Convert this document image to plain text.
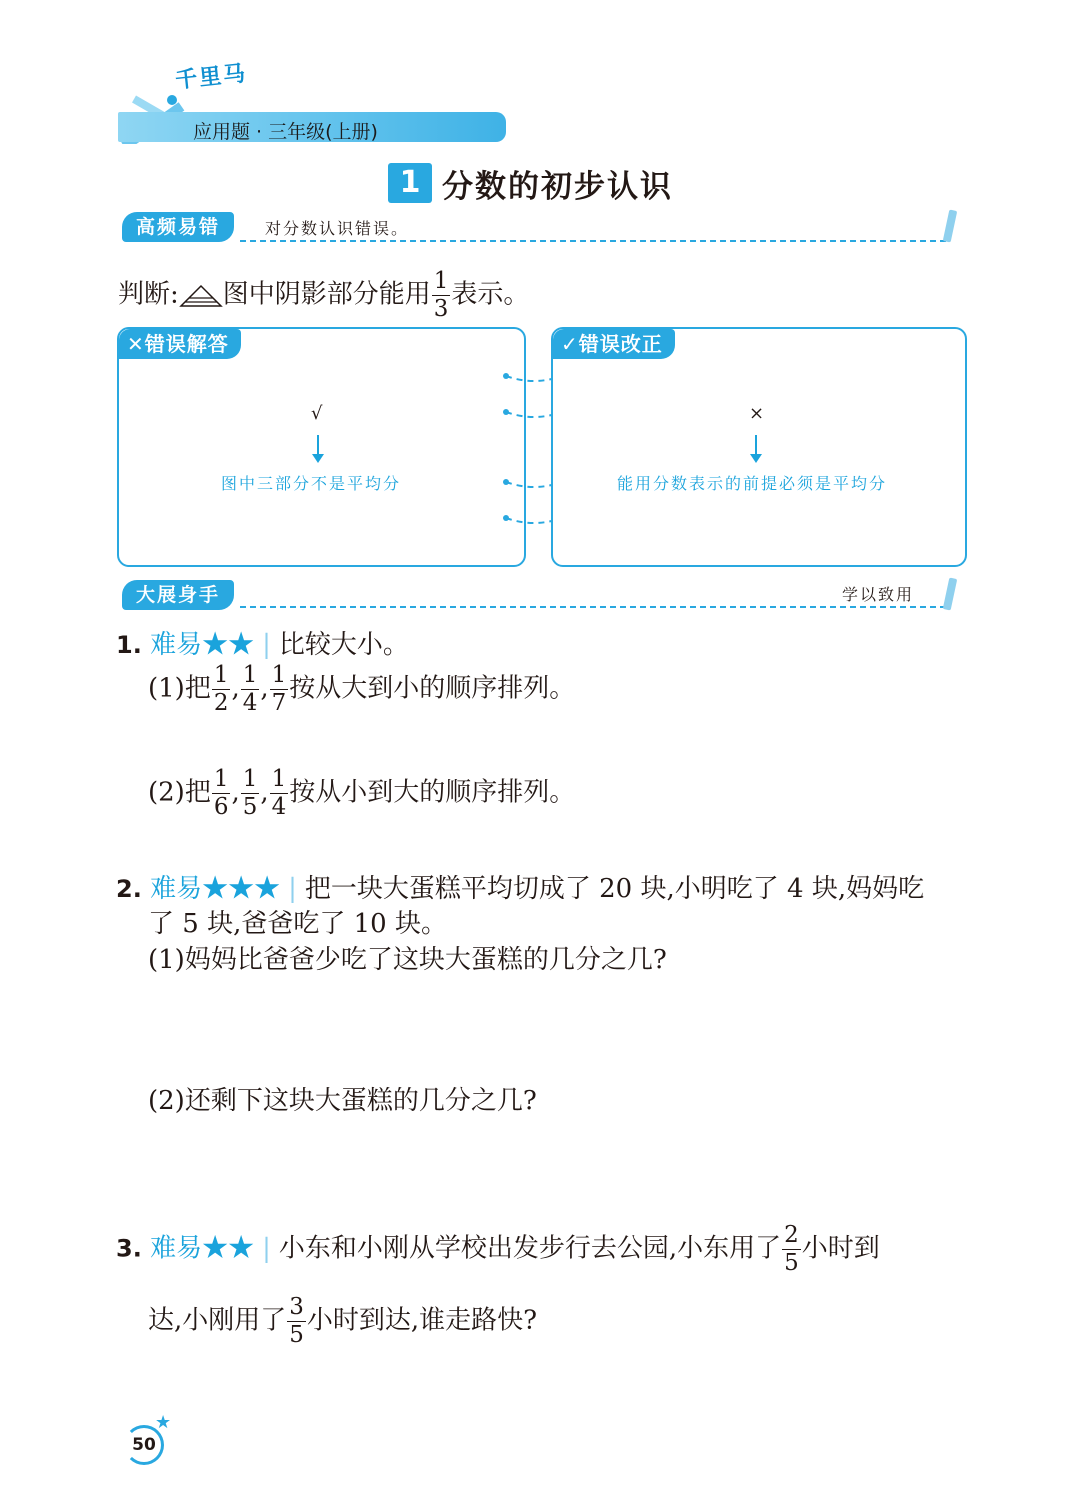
千里马
应用题 · 三年级(上册)
1 分数的初步认识
高频易错	对分数认识错误。
判断: 图中阴影部分能用 $\frac{1}{3}$ 表示。
✕错误解答
√
图中三部分不是平均分
✓错误改正
×
能用分数表示的前提必须是平均分
大展身手	学以致用
1. 难易★★ | 比较大小。
(1)把 $\frac{1}{2}$ , $\frac{1}{4}$ , $\frac{1}{7}$ 按从大到小的顺序排列。
(2)把 $\frac{1}{6}$ , $\frac{1}{5}$ , $\frac{1}{4}$ 按从小到大的顺序排列。
2. 难易★★★ | 把一块大蛋糕平均切成了 20 块,小明吃了 4 块,妈妈吃
了 5 块,爸爸吃了 10 块。
(1)妈妈比爸爸少吃了这块大蛋糕的几分之几?
(2)还剩下这块大蛋糕的几分之几?
3. 难易★★ | 小东和小刚从学校出发步行去公园,小东用了 $\frac{2}{5}$ 小时到
达,小刚用了 $\frac{3}{5}$ 小时到达,谁走路快?
50
★
